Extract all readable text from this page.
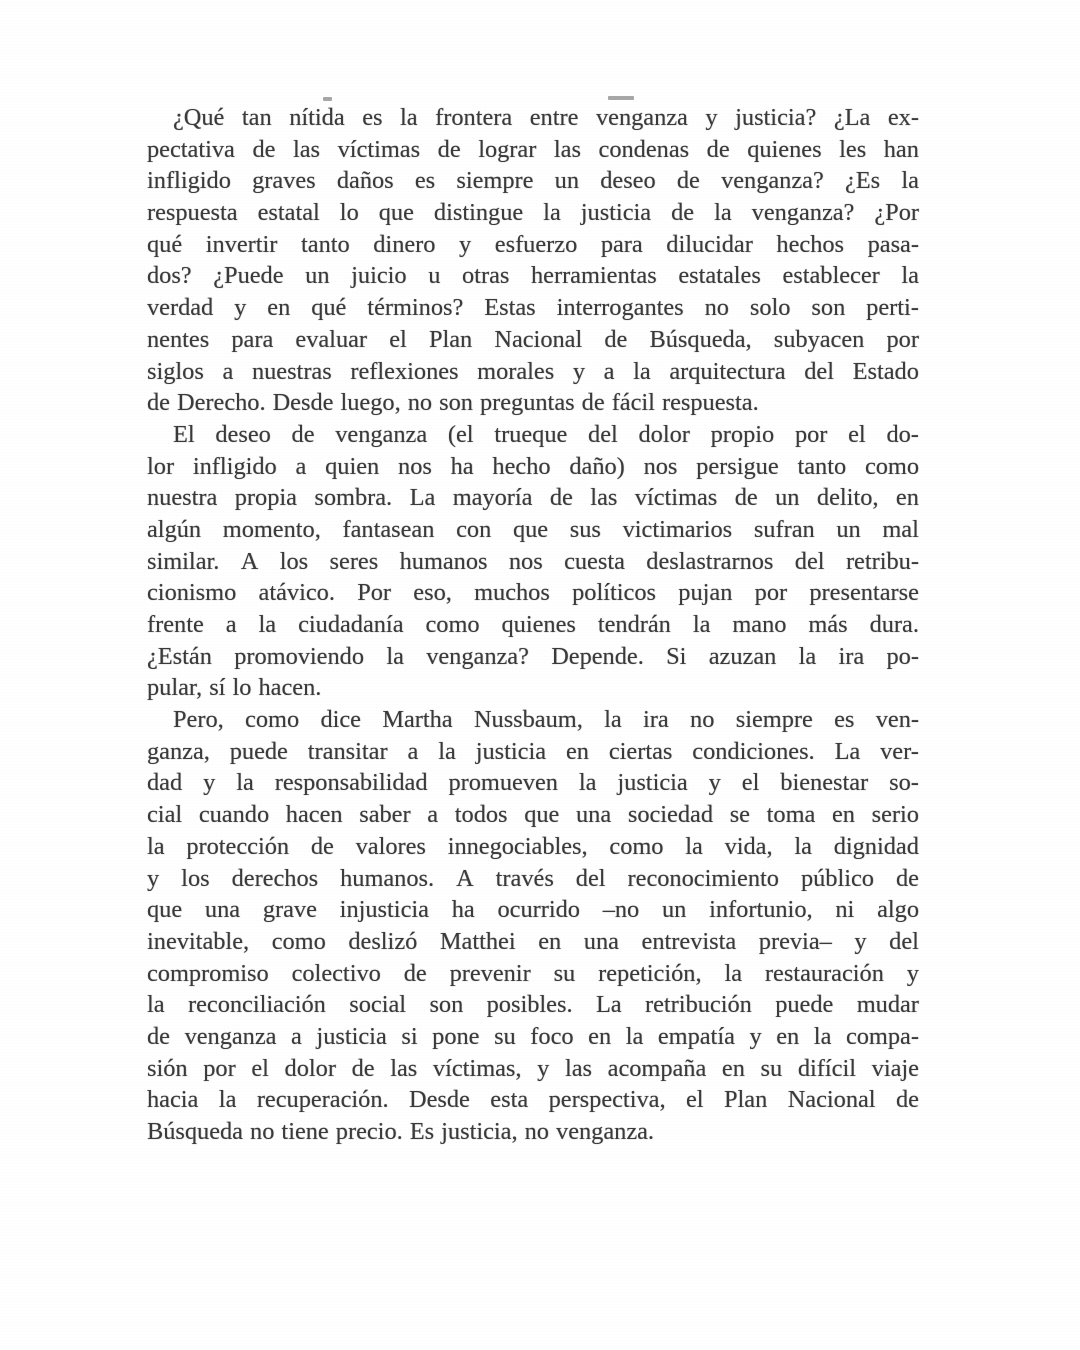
¿Qué tan nítida es la frontera entre venganza y justicia? ¿La ex-
pectativa de las víctimas de lograr las condenas de quienes les han
infligido graves daños es siempre un deseo de venganza? ¿Es la
respuesta estatal lo que distingue la justicia de la venganza? ¿Por
qué invertir tanto dinero y esfuerzo para dilucidar hechos pasa-
dos? ¿Puede un juicio u otras herramientas estatales establecer la
verdad y en qué términos? Estas interrogantes no solo son perti-
nentes para evaluar el Plan Nacional de Búsqueda, subyacen por
siglos a nuestras reflexiones morales y a la arquitectura del Estado
de Derecho. Desde luego, no son preguntas de fácil respuesta.
El deseo de venganza (el trueque del dolor propio por el do-
lor infligido a quien nos ha hecho daño) nos persigue tanto como
nuestra propia sombra. La mayoría de las víctimas de un delito, en
algún momento, fantasean con que sus victimarios sufran un mal
similar. A los seres humanos nos cuesta deslastrarnos del retribu-
cionismo atávico. Por eso, muchos políticos pujan por presentarse
frente a la ciudadanía como quienes tendrán la mano más dura.
¿Están promoviendo la venganza? Depende. Si azuzan la ira po-
pular, sí lo hacen.
Pero, como dice Martha Nussbaum, la ira no siempre es ven-
ganza, puede transitar a la justicia en ciertas condiciones. La ver-
dad y la responsabilidad promueven la justicia y el bienestar so-
cial cuando hacen saber a todos que una sociedad se toma en serio
la protección de valores innegociables, como la vida, la dignidad
y los derechos humanos. A través del reconocimiento público de
que una grave injusticia ha ocurrido –no un infortunio, ni algo
inevitable, como deslizó Matthei en una entrevista previa– y del
compromiso colectivo de prevenir su repetición, la restauración y
la reconciliación social son posibles. La retribución puede mudar
de venganza a justicia si pone su foco en la empatía y en la compa-
sión por el dolor de las víctimas, y las acompaña en su difícil viaje
hacia la recuperación. Desde esta perspectiva, el Plan Nacional de
Búsqueda no tiene precio. Es justicia, no venganza.
